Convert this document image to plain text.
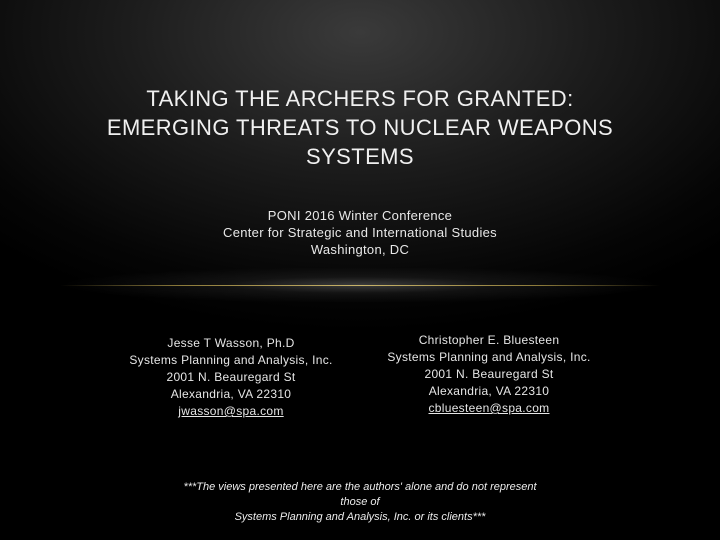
TAKING THE ARCHERS FOR GRANTED:
EMERGING THREATS TO NUCLEAR WEAPONS
SYSTEMS
PONI 2016 Winter Conference
Center for Strategic and International Studies
Washington, DC
Jesse T Wasson, Ph.D
Systems Planning and Analysis, Inc.
2001 N. Beauregard St
Alexandria, VA 22310
jwasson@spa.com
Christopher E. Bluesteen
Systems Planning and Analysis, Inc.
2001 N. Beauregard St
Alexandria, VA 22310
cbluesteen@spa.com
***The views presented here are the authors' alone and do not represent
those of
Systems Planning and Analysis, Inc. or its clients***
